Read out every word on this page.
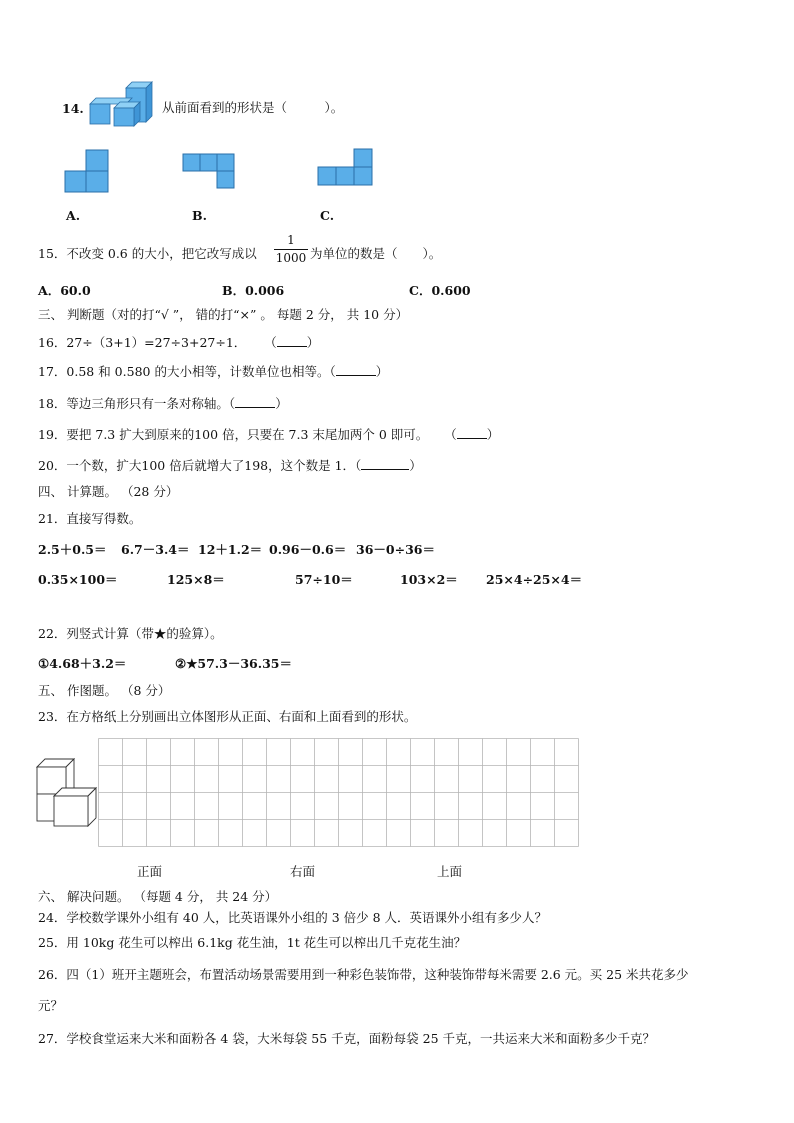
14.	从前面看到的形状是（　　　）。
A.	B.	C.
15．不改变 0.6 的大小，把它改写成以
1
1000 为单位的数是（　　）。
A．60.0	B．0.006	C．0.600
三、 判断题（对的打“√ ”， 错的打“×” 。 每题 2 分， 共 10 分）
16．27÷（3+1）=27÷3+27÷1． （ ）
17．0.58 和 0.580 的大小相等，计数单位也相等。（	）
18．等边三角形只有一条对称轴。（	）
19．要把 7.3 扩大到原来的100 倍，只要在 7.3 末尾加两个 0 即可。 （ ）
20．一个数，扩大100 倍后就增大了198，这个数是 1．（	）
四、 计算题。 （28 分）
21．直接写得数。
2.5＋0.5＝ 6.7－3.4＝ 12＋1.2＝ 0.96－0.6＝ 36－0÷36＝
0.35×100＝	125×8＝	57÷10＝	103×2＝ 25×4÷25×4＝
22．列竖式计算（带★的验算）。
①4.68＋3.2＝	②★57.3－36.35＝
五、 作图题。 （8 分）
23．在方格纸上分别画出立体图形从正面、右面和上面看到的形状。
正面	右面	上面
六、 解决问题。 （每题 4 分， 共 24 分）
24．学校数学课外小组有 40 人，比英语课外小组的 3 倍少 8 人．英语课外小组有多少人？
25．用 10kg 花生可以榨出 6.1kg 花生油，1t 花生可以榨出几千克花生油？
26．四（1）班开主题班会，布置活动场景需要用到一种彩色装饰带，这种装饰带每米需要 2.6 元。买 25 米共花多少
元？
27．学校食堂运来大米和面粉各 4 袋，大米每袋 55 千克，面粉每袋 25 千克，一共运来大米和面粉多少千克？
